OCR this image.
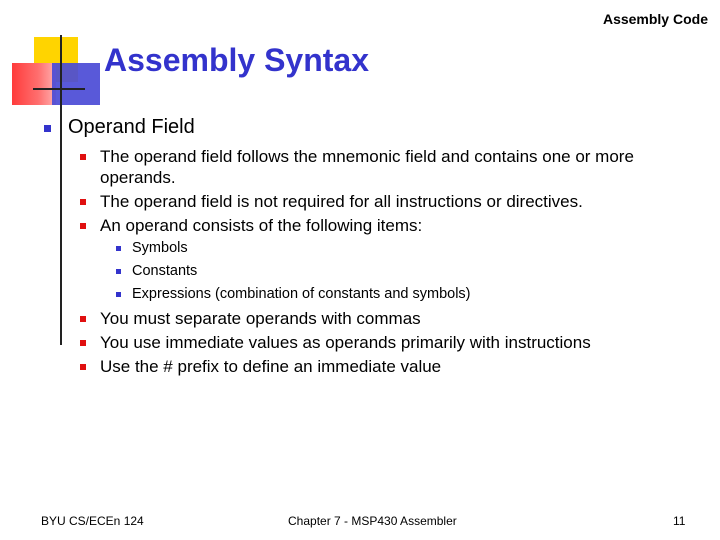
Assembly Code
Assembly Syntax
Operand Field
The operand field follows the mnemonic field and contains one or more operands.
The operand field is not required for all instructions or directives.
An operand consists of the following items:
Symbols
Constants
Expressions (combination of constants and symbols)
You must separate operands with commas
You use immediate values as operands primarily with instructions
Use the # prefix to define an immediate value
BYU CS/ECEn 124	Chapter 7 - MSP430 Assembler	11
